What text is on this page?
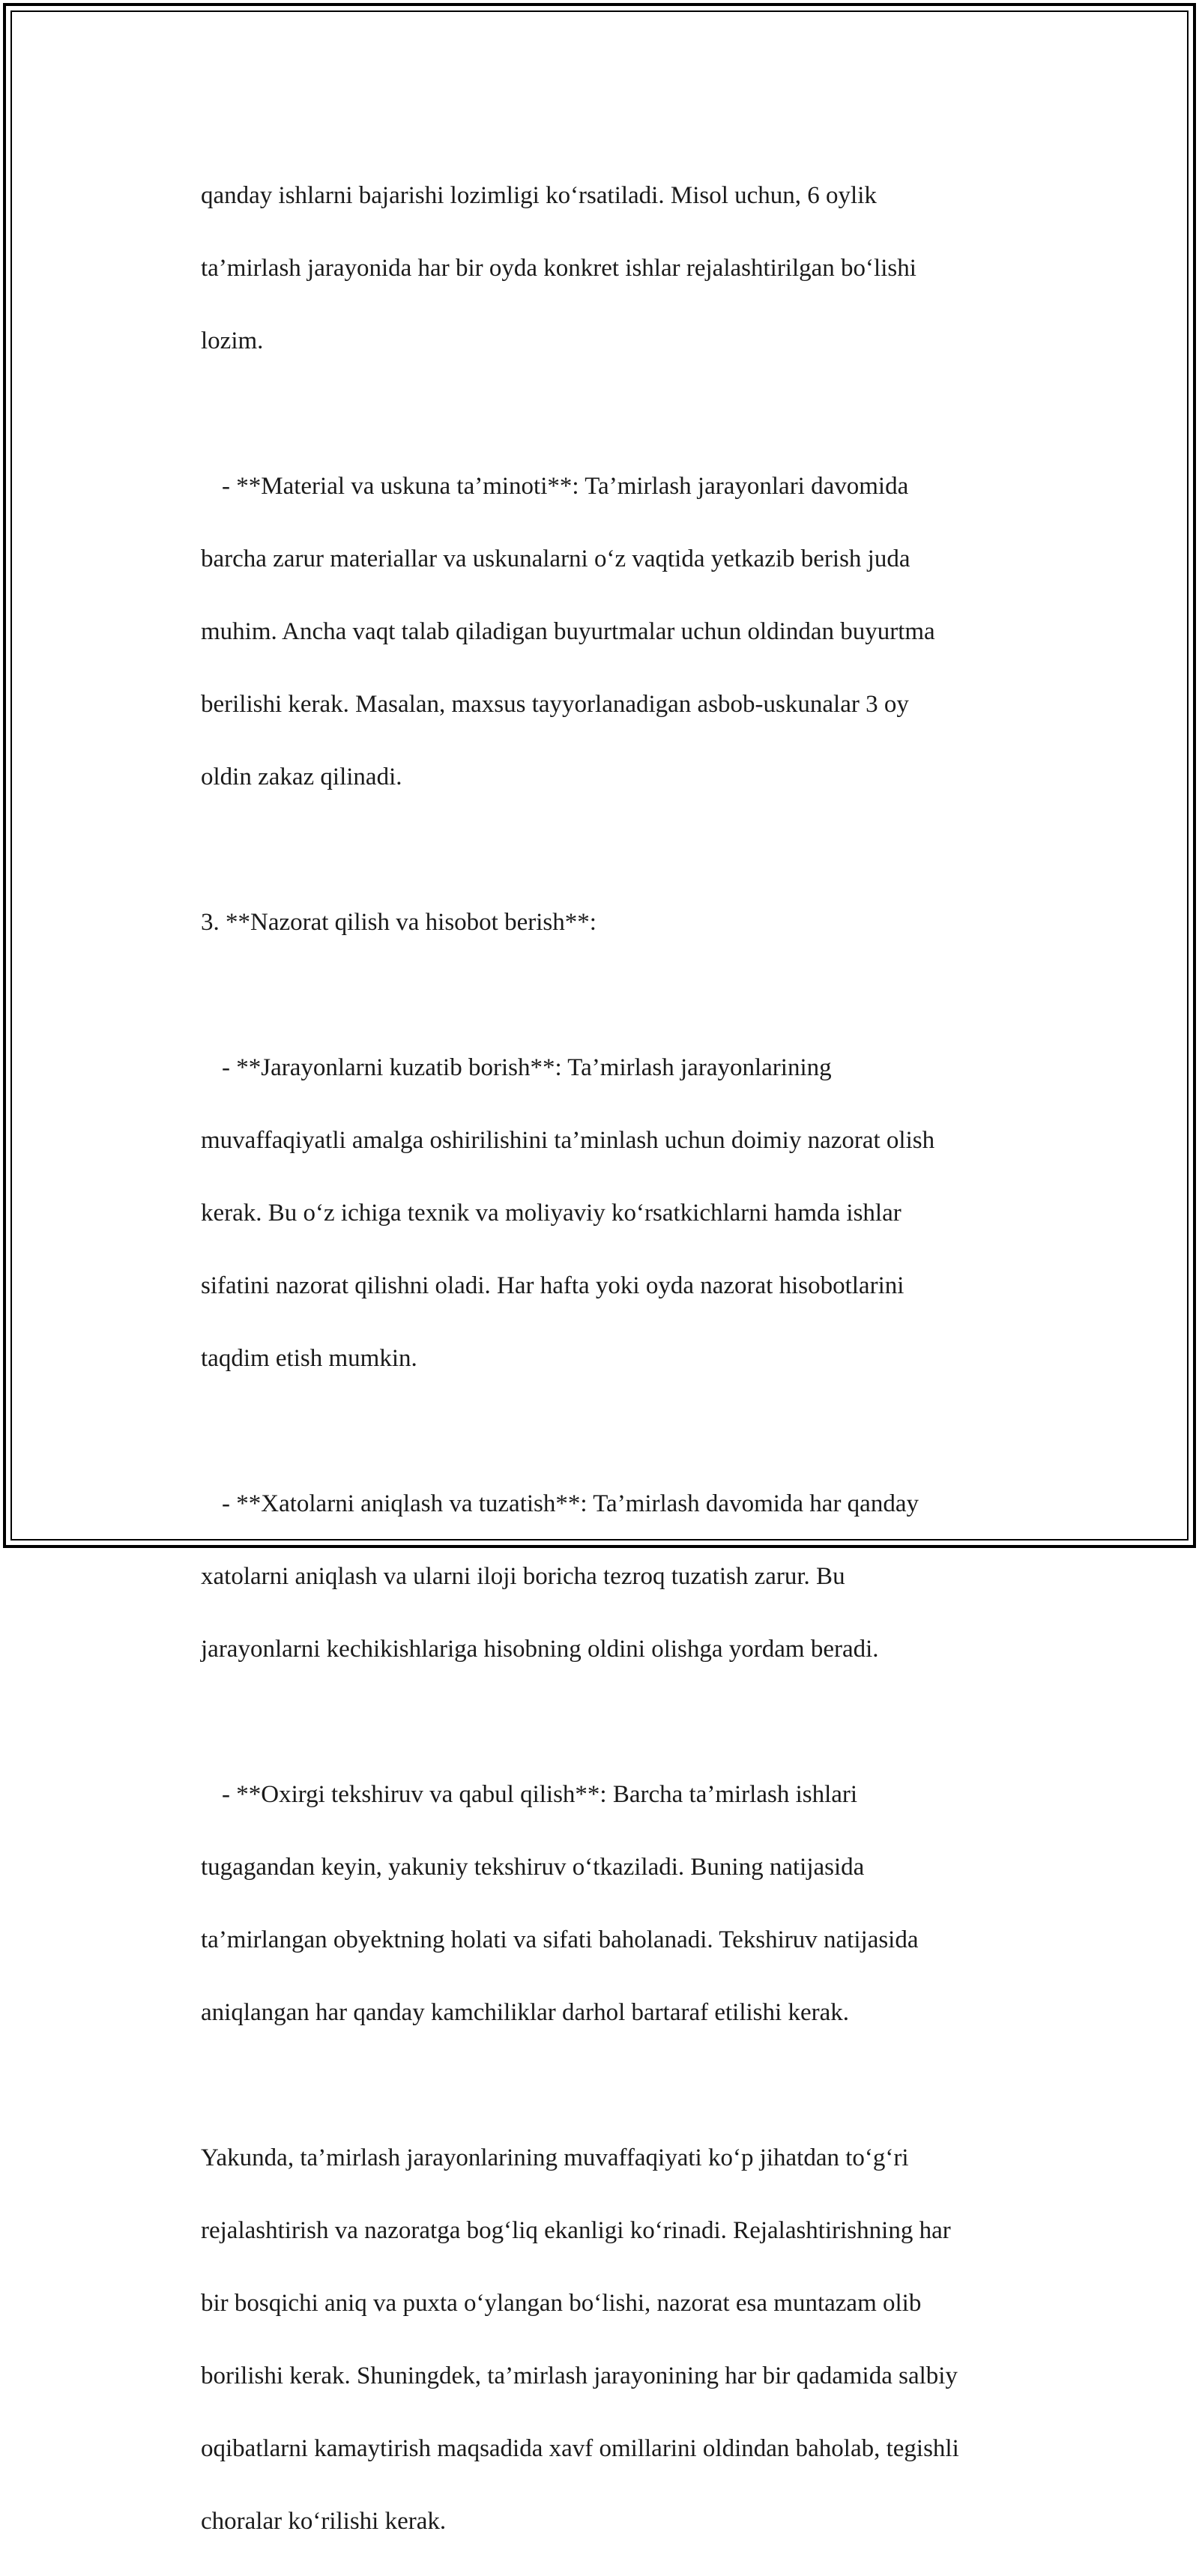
qanday ishlarni bajarishi lozimligi ko‘rsatiladi. Misol uchun, 6 oylik

ta’mirlash jarayonida har bir oyda konkret ishlar rejalashtirilgan bo‘lishi

lozim.

- **Material va uskuna ta’minoti**: Ta’mirlash jarayonlari davomida

barcha zarur materiallar va uskunalarni o‘z vaqtida yetkazib berish juda

muhim. Ancha vaqt talab qiladigan buyurtmalar uchun oldindan buyurtma

berilishi kerak. Masalan, maxsus tayyorlanadigan asbob-uskunalar 3 oy

oldin zakaz qilinadi.

3. **Nazorat qilish va hisobot berish**:

- **Jarayonlarni kuzatib borish**: Ta’mirlash jarayonlarining

muvaffaqiyatli amalga oshirilishini ta’minlash uchun doimiy nazorat olish

kerak. Bu o‘z ichiga texnik va moliyaviy ko‘rsatkichlarni hamda ishlar

sifatini nazorat qilishni oladi. Har hafta yoki oyda nazorat hisobotlarini

taqdim etish mumkin.

- **Xatolarni aniqlash va tuzatish**: Ta’mirlash davomida har qanday

xatolarni aniqlash va ularni iloji boricha tezroq tuzatish zarur. Bu

jarayonlarni kechikishlariga hisobning oldini olishga yordam beradi.

- **Oxirgi tekshiruv va qabul qilish**: Barcha ta’mirlash ishlari

tugagandan keyin, yakuniy tekshiruv o‘tkaziladi. Buning natijasida

ta’mirlangan obyektning holati va sifati baholanadi. Tekshiruv natijasida

aniqlangan har qanday kamchiliklar darhol bartaraf etilishi kerak.

Yakunda, ta’mirlash jarayonlarining muvaffaqiyati ko‘p jihatdan to‘g‘ri

rejalashtirish va nazoratga bog‘liq ekanligi ko‘rinadi. Rejalashtirishning har

bir bosqichi aniq va puxta o‘ylangan bo‘lishi, nazorat esa muntazam olib

borilishi kerak. Shuningdek, ta’mirlash jarayonining har bir qadamida salbiy

oqibatlarni kamaytirish maqsadida xavf omillarini oldindan baholab, tegishli

choralar ko‘rilishi kerak.
